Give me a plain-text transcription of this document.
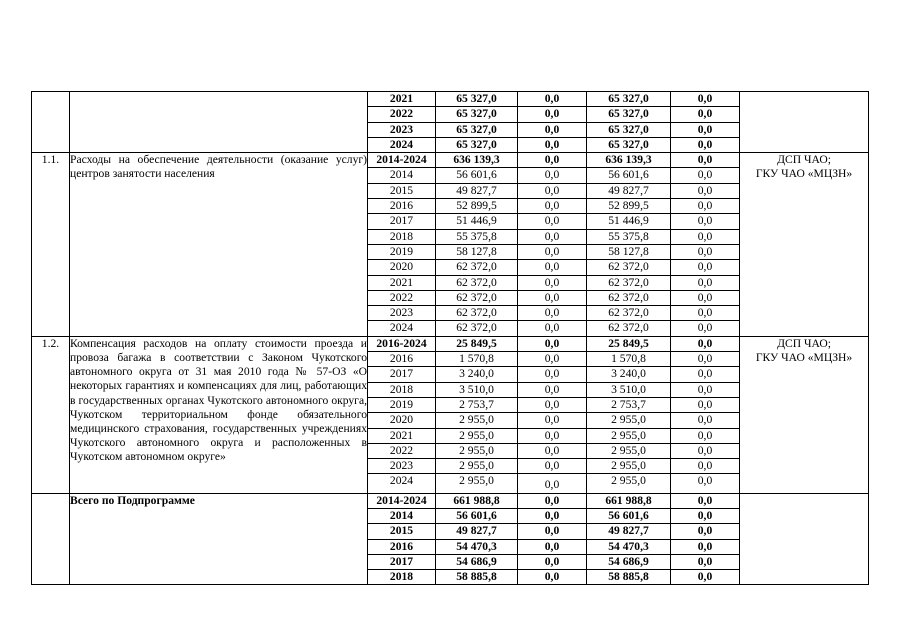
		2021	65 327,0	0,0	65 327,0	0,0	
		2022	65 327,0	0,0	65 327,0	0,0	
		2023	65 327,0	0,0	65 327,0	0,0	
		2024	65 327,0	0,0	65 327,0	0,0	
1.1.	Расходы на обеспечение деятельности (оказание услуг) центров занятости населения	2014-2024	636 139,3	0,0	636 139,3	0,0	ДСП ЧАО;
ГКУ ЧАО «МЦЗН»

		2014	56 601,6	0,0	56 601,6	0,0	
		2015	49 827,7	0,0	49 827,7	0,0	
		2016	52 899,5	0,0	52 899,5	0,0	
		2017	51 446,9	0,0	51 446,9	0,0	
		2018	55 375,8	0,0	55 375,8	0,0	
		2019	58 127,8	0,0	58 127,8	0,0	
		2020	62 372,0	0,0	62 372,0	0,0	
		2021	62 372,0	0,0	62 372,0	0,0	
		2022	62 372,0	0,0	62 372,0	0,0	
		2023	62 372,0	0,0	62 372,0	0,0	
		2024	62 372,0	0,0	62 372,0	0,0	
1.2.	Компенсация расходов на оплату стоимости проезда и провоза багажа в соответствии с Законом Чукотского автономного округа от 31 мая 2010 года № 57-ОЗ «О некоторых гарантиях и компенсациях для лиц, работающих в государственных органах Чукотского автономного округа, Чукотском территориальном фонде обязательного медицинского страхования, государственных учреждениях Чукотского автономного округа и расположенных в Чукотском автономном округе»	2016-2024	25 849,5	0,0	25 849,5	0,0	ДСП ЧАО;
ГКУ ЧАО «МЦЗН»

		2016	1 570,8	0,0	1 570,8	0,0	
		2017	3 240,0	0,0	3 240,0	0,0	
		2018	3 510,0	0,0	3 510,0	0,0	
		2019	2 753,7	0,0	2 753,7	0,0	
		2020	2 955,0	0,0	2 955,0	0,0	
		2021	2 955,0	0,0	2 955,0	0,0	
		2022	2 955,0	0,0	2 955,0	0,0	
		2023	2 955,0	0,0	2 955,0	0,0	
		2024	2 955,0	0,0	2 955,0	0,0	
	Всего по Подпрограмме	2014-2024	661 988,8	0,0	661 988,8	0,0	
		2014	56 601,6	0,0	56 601,6	0,0	
		2015	49 827,7	0,0	49 827,7	0,0	
		2016	54 470,3	0,0	54 470,3	0,0	
		2017	54 686,9	0,0	54 686,9	0,0	
		2018	58 885,8	0,0	58 885,8	0,0	
